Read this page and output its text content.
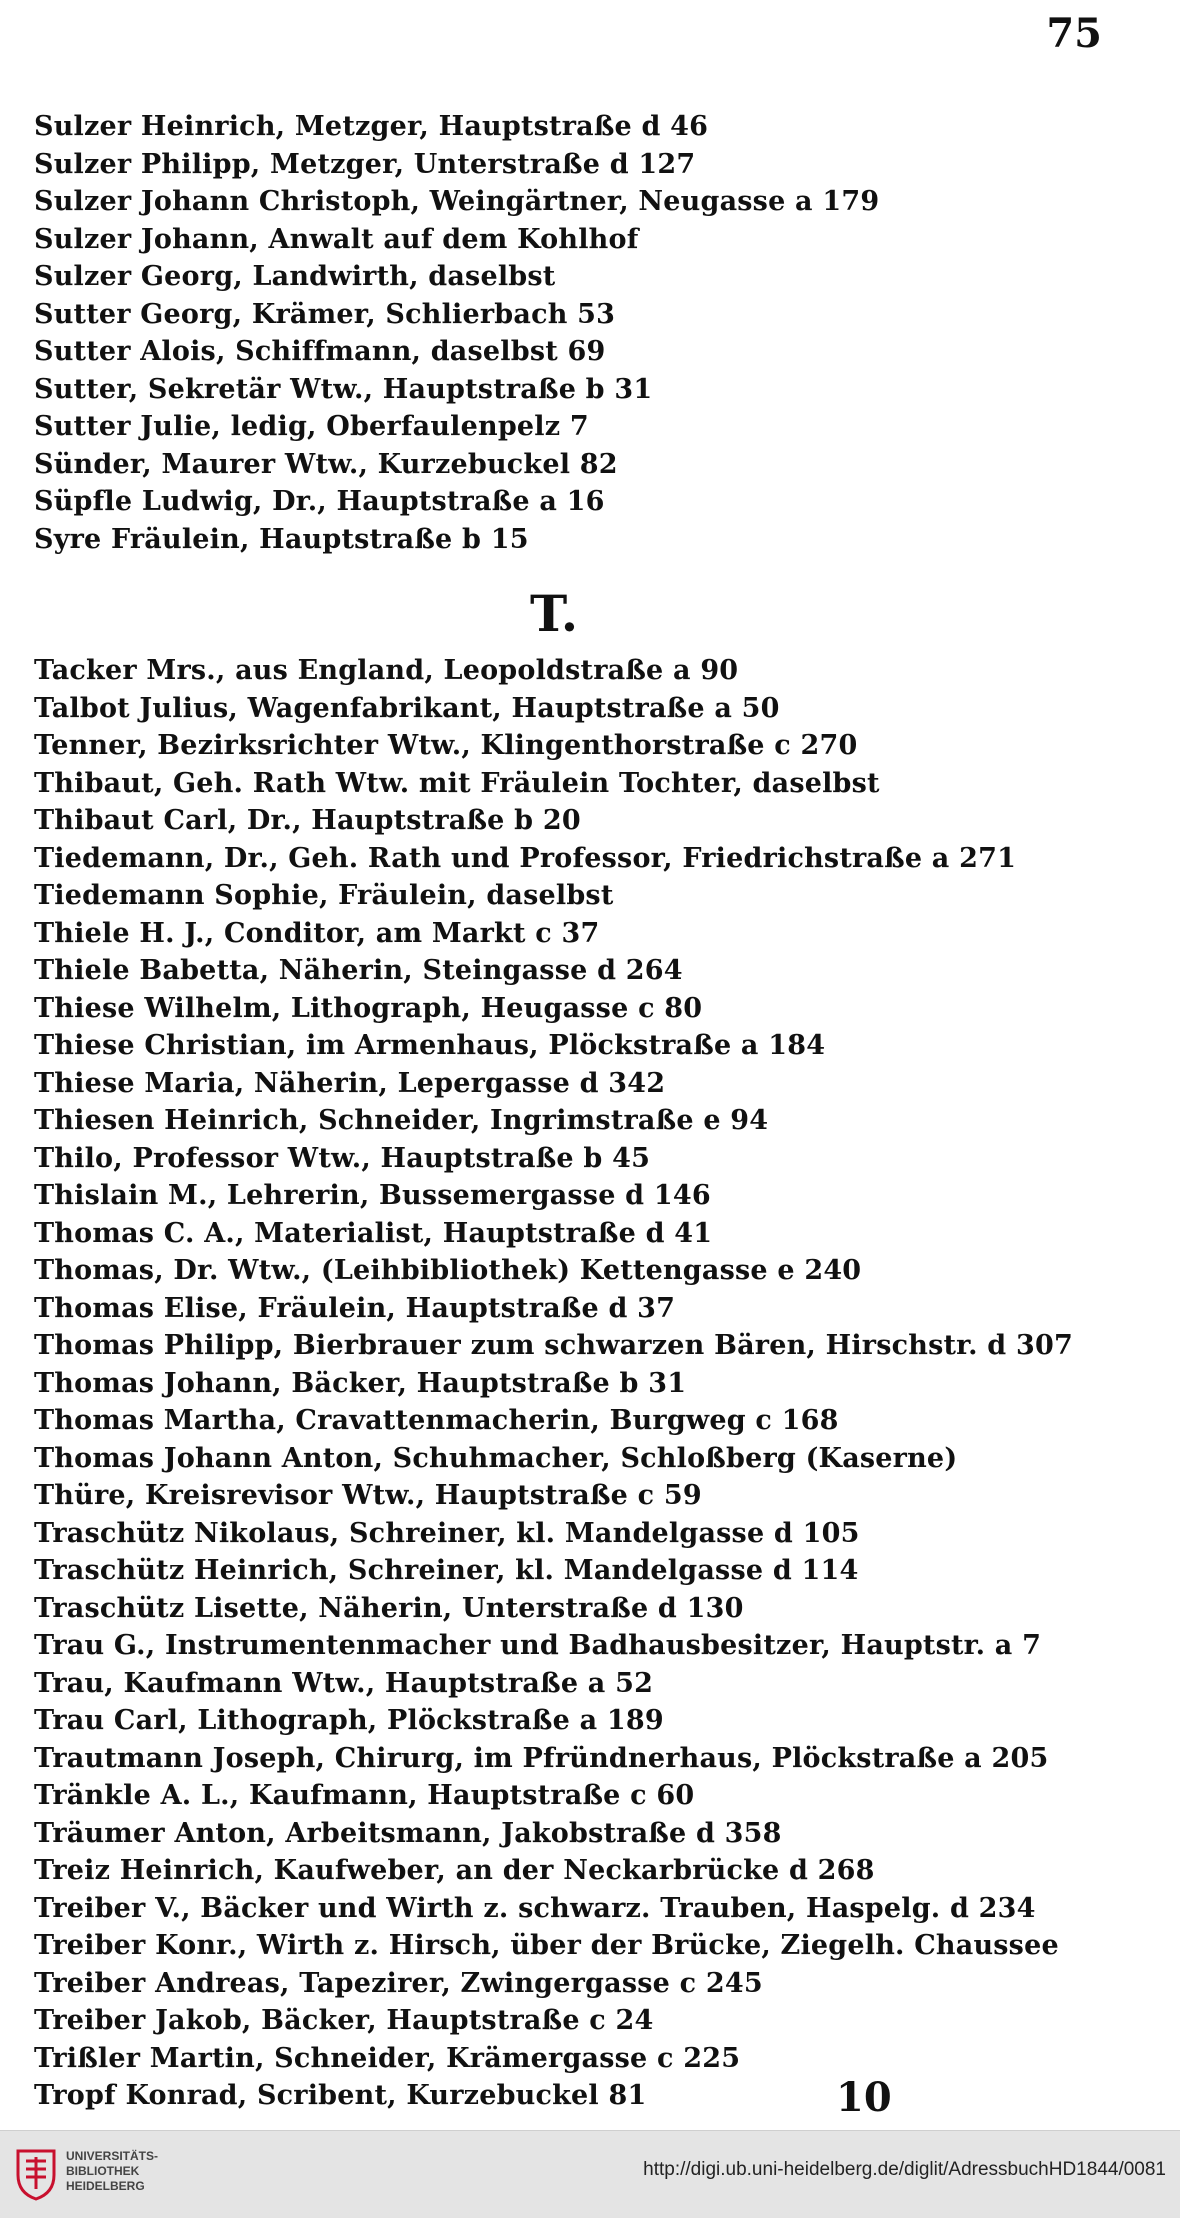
75
Sulzer Heinrich, Metzger, Hauptstraße d 46
Sulzer Philipp, Metzger, Unterstraße d 127
Sulzer Johann Christoph, Weingärtner, Neugasse a 179
Sulzer Johann, Anwalt auf dem Kohlhof
Sulzer Georg, Landwirth, daselbst
Sutter Georg, Krämer, Schlierbach 53
Sutter Alois, Schiffmann, daselbst 69
Sutter, Sekretär Wtw., Hauptstraße b 31
Sutter Julie, ledig, Oberfaulenpelz 7
Sünder, Maurer Wtw., Kurzebuckel 82
Süpfle Ludwig, Dr., Hauptstraße a 16
Syre Fräulein, Hauptstraße b 15
T.
Tacker Mrs., aus England, Leopoldstraße a 90
Talbot Julius, Wagenfabrikant, Hauptstraße a 50
Tenner, Bezirksrichter Wtw., Klingenthorstraße c 270
Thibaut, Geh. Rath Wtw. mit Fräulein Tochter, daselbst
Thibaut Carl, Dr., Hauptstraße b 20
Tiedemann, Dr., Geh. Rath und Professor, Friedrichstraße a 271
Tiedemann Sophie, Fräulein, daselbst
Thiele H. J., Conditor, am Markt c 37
Thiele Babetta, Näherin, Steingasse d 264
Thiese Wilhelm, Lithograph, Heugasse c 80
Thiese Christian, im Armenhaus, Plöckstraße a 184
Thiese Maria, Näherin, Lepergasse d 342
Thiesen Heinrich, Schneider, Ingrimstraße e 94
Thilo, Professor Wtw., Hauptstraße b 45
Thislain M., Lehrerin, Bussemergasse d 146
Thomas C. A., Materialist, Hauptstraße d 41
Thomas, Dr. Wtw., (Leihbibliothek) Kettengasse e 240
Thomas Elise, Fräulein, Hauptstraße d 37
Thomas Philipp, Bierbrauer zum schwarzen Bären, Hirschstr. d 307
Thomas Johann, Bäcker, Hauptstraße b 31
Thomas Martha, Cravattenmacherin, Burgweg c 168
Thomas Johann Anton, Schuhmacher, Schloßberg (Kaserne)
Thüre, Kreisrevisor Wtw., Hauptstraße c 59
Traschütz Nikolaus, Schreiner, kl. Mandelgasse d 105
Traschütz Heinrich, Schreiner, kl. Mandelgasse d 114
Traschütz Lisette, Näherin, Unterstraße d 130
Trau G., Instrumentenmacher und Badhausbesitzer, Hauptstr. a 7
Trau, Kaufmann Wtw., Hauptstraße a 52
Trau Carl, Lithograph, Plöckstraße a 189
Trautmann Joseph, Chirurg, im Pfründnerhaus, Plöckstraße a 205
Tränkle A. L., Kaufmann, Hauptstraße c 60
Träumer Anton, Arbeitsmann, Jakobstraße d 358
Treiz Heinrich, Kaufweber, an der Neckarbrücke d 268
Treiber V., Bäcker und Wirth z. schwarz. Trauben, Haspelg. d 234
Treiber Konr., Wirth z. Hirsch, über der Brücke, Ziegelh. Chaussee
Treiber Andreas, Tapezirer, Zwingergasse c 245
Treiber Jakob, Bäcker, Hauptstraße c 24
Trißler Martin, Schneider, Krämergasse c 225
Tropf Konrad, Scribent, Kurzebuckel 81	10
UNIVERSITÄTS-
BIBLIOTHEK
HEIDELBERG
http://digi.ub.uni-heidelberg.de/diglit/AdressbuchHD1844/0081
